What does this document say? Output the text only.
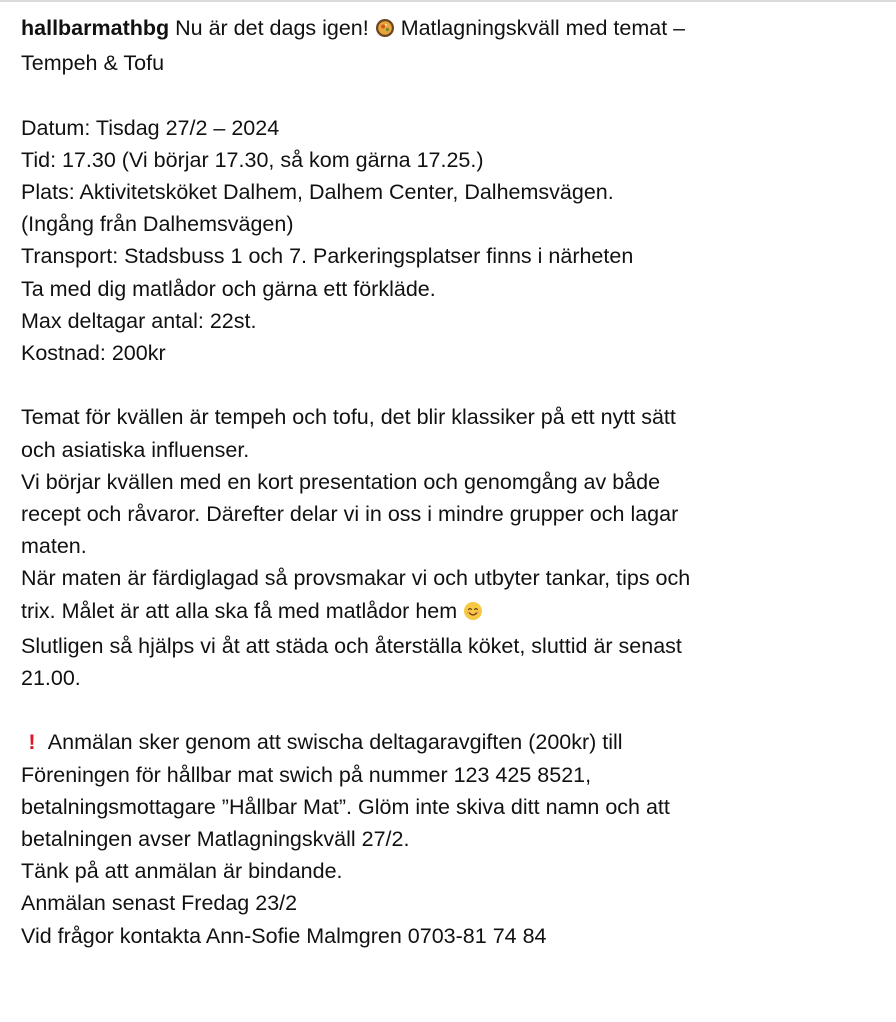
hallbarmathbg Nu är det dags igen!  Matlagningskväll med temat –
Tempeh & Tofu
Datum: Tisdag 27/2 – 2024
Tid: 17.30 (Vi börjar 17.30, så kom gärna 17.25.)
Plats: Aktivitetsköket Dalhem, Dalhem Center, Dalhemsvägen.
(Ingång från Dalhemsvägen)
Transport: Stadsbuss 1 och 7. Parkeringsplatser finns i närheten
Ta med dig matlådor och gärna ett förkläde.
Max deltagar antal: 22st.
Kostnad: 200kr
Temat för kvällen är tempeh och tofu, det blir klassiker på ett nytt sätt
och asiatiska influenser.
Vi börjar kvällen med en kort presentation och genomgång av både
recept och råvaror. Därefter delar vi in oss i mindre grupper och lagar
maten.
När maten är färdiglagad så provsmakar vi och utbyter tankar, tips och
trix. Målet är att alla ska få med matlådor hem
Slutligen så hjälps vi åt att städa och återställa köket, sluttid är senast
21.00.
! Anmälan sker genom att swischa deltagaravgiften (200kr) till
Föreningen för hållbar mat swich på nummer 123 425 8521,
betalningsmottagare ”Hållbar Mat”. Glöm inte skiva ditt namn och att
betalningen avser Matlagningskväll 27/2.
Tänk på att anmälan är bindande.
Anmälan senast Fredag 23/2
Vid frågor kontakta Ann-Sofie Malmgren 0703-81 74 84
